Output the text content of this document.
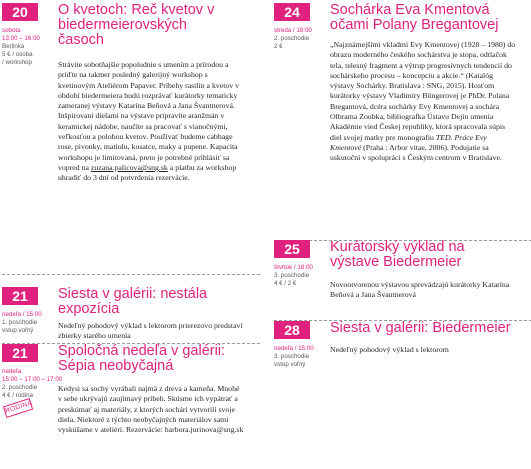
20	O kvetoch: Reč kvetov v biedermeierovských časoch
sobota
13:00 – 16:00
Berlinka
5 € / osoba
/ workshop	Strávite sobotňajšie popoludnie s umením a prírodou a príďte na takmer posledný galerijný workshop s kvetinovým Ateliérom Papaver. Príbehy rastlín a kvetov v období biedermeiera budú rozprávať kurátorky tematicky zameranej výstavy Katarína Beňová a Jana Švantnerová. Inšpirovaní dielami na výstave pripravíte aranžmán v keramickej nádobe, naučíte sa pracovať s vianočnými, veľkosťou a polohou kvetov. Používať budeme cabbage rose, pivonky, matiolu, kosatce, maky a pupene. Kapacita workshopu je limitovaná, preto je potrebné prihlásiť sa vopred na zuzana.palicova@sng.sk a platbu za workshop uhradiť do 3 dní od potvrdenia rezervácie.

21	Siesta v galérii: nestála expozícia
nedeľa / 15:00
1. poschodie
vstup voľný
Nedeľný pohodový výklad s lektorom prierezovo predstaví zbierky starého umenia
21	Spoločná nedeľa v galérii: Sépia neobyčajná
nedeľa
15:00 – 17:00 – 17:00
2. poschodie
4 € / rodina
RODINA

Kedysi sa sochy vyrábali najmä z dreva a kameňa. Mnohé v sebe ukrývajú zaujímavý príbeh. Skúsme ich vypátrať a preskúmať aj materiály, z ktorých sochári vytvorili svoje diela. Niektoré z týchto neobyčajných materiálov sami vyskúšame v ateliéri. Rezervácie: barbora.jurinova@sng.sk

24	Sochárka Eva Kmentová očami Polany Bregantovej
streda / 18:00
2. poschodie
2 €	„Najznámejšími vkladmi Evy Kmentovej (1928 – 1980) do obrazu moderného českého sochárstva je stopa, odtlačok tela, telesný fragment a výtrup progresívnych tendencií do sochárskeho procesu – koncepciu a akcie.“ (Katalóg výstavy Sochárky. Bratislava : SNG, 2015). Hosťom kurátorky výstavy Vladimíry Büngerovej je PhDr. Polana Bregantová, dcéra sochárky Evy Kmentovej a sochára Olbrama Zoubka, bibliografka Ústavu Dejín umenia Akadémie vied Českej republiky, ktorá spracovala súpis diel svojej matky pre monografiu TED. Práce Evy Kmentové (Praha : Arbor vitae, 2006). Podujatie sa uskutoční v spolupráci s Českým centrom v Bratislave.

25	Kurátorský výklad na výstave Biedermeier
štvrtok / 18:00
3. poschodie
4 € / 2 €	Novootvorenou výstavou sprevádzajú kurátorky Katarína Beňová a Jana Švantnerová
28	Siesta v galérii: Biedermeier
nedeľa / 15:00
3. poschodie
vstup voľný
Nedeľný pohodový výklad s lektorom
